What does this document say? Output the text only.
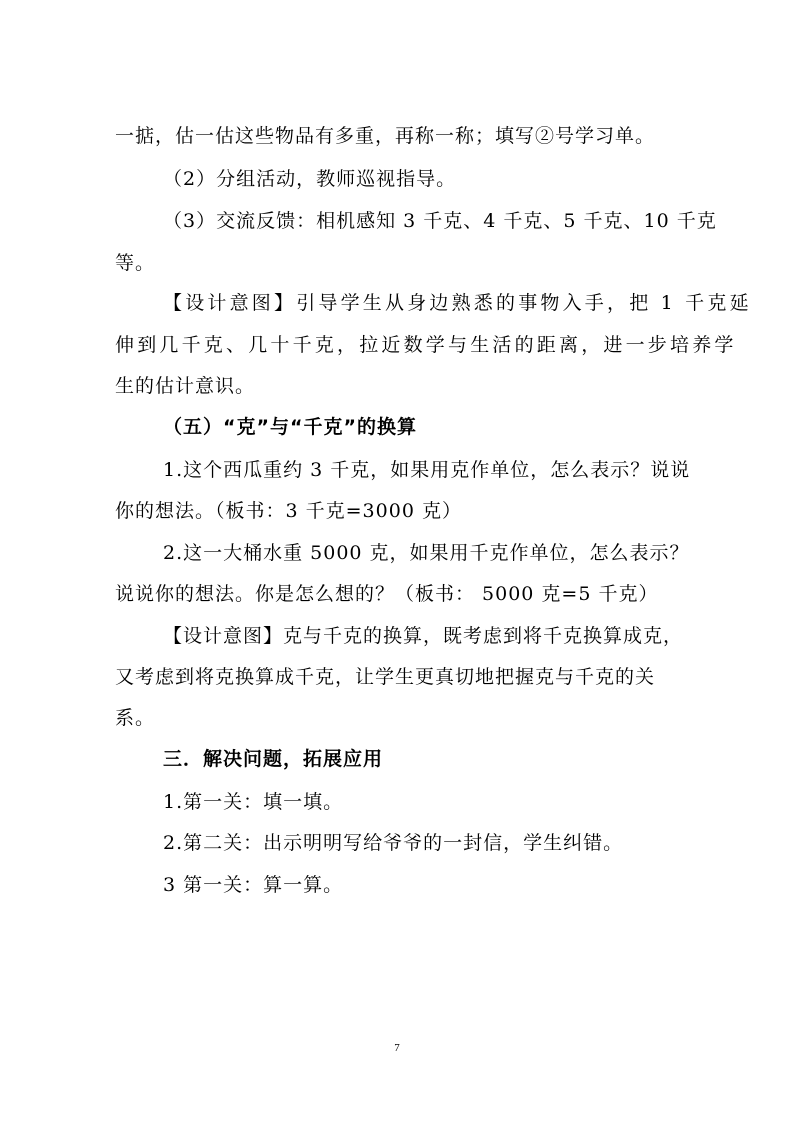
一掂，估一估这些物品有多重，再称一称；填写②号学习单。
（2）分组活动，教师巡视指导。
（3）交流反馈：相机感知 3 千克、4 千克、5 千克、10 千克
等。
【设计意图】引导学生从身边熟悉的事物入手，把 1 千克延
伸到几千克、几十千克，拉近数学与生活的距离，进一步培养学
生的估计意识。
（五）“克”与“千克”的换算
1.这个西瓜重约 3 千克，如果用克作单位，怎么表示？说说
你的想法。（板书：3 千克=3000 克）
2.这一大桶水重 5000 克，如果用千克作单位，怎么表示？
说说你的想法。你是怎么想的？（板书： 5000 克=5 千克）
【设计意图】克与千克的换算，既考虑到将千克换算成克，
又考虑到将克换算成千克，让学生更真切地把握克与千克的关
系。
三．解决问题，拓展应用
1.第一关：填一填。
2.第二关：出示明明写给爷爷的一封信，学生纠错。
3 第一关：算一算。
7
